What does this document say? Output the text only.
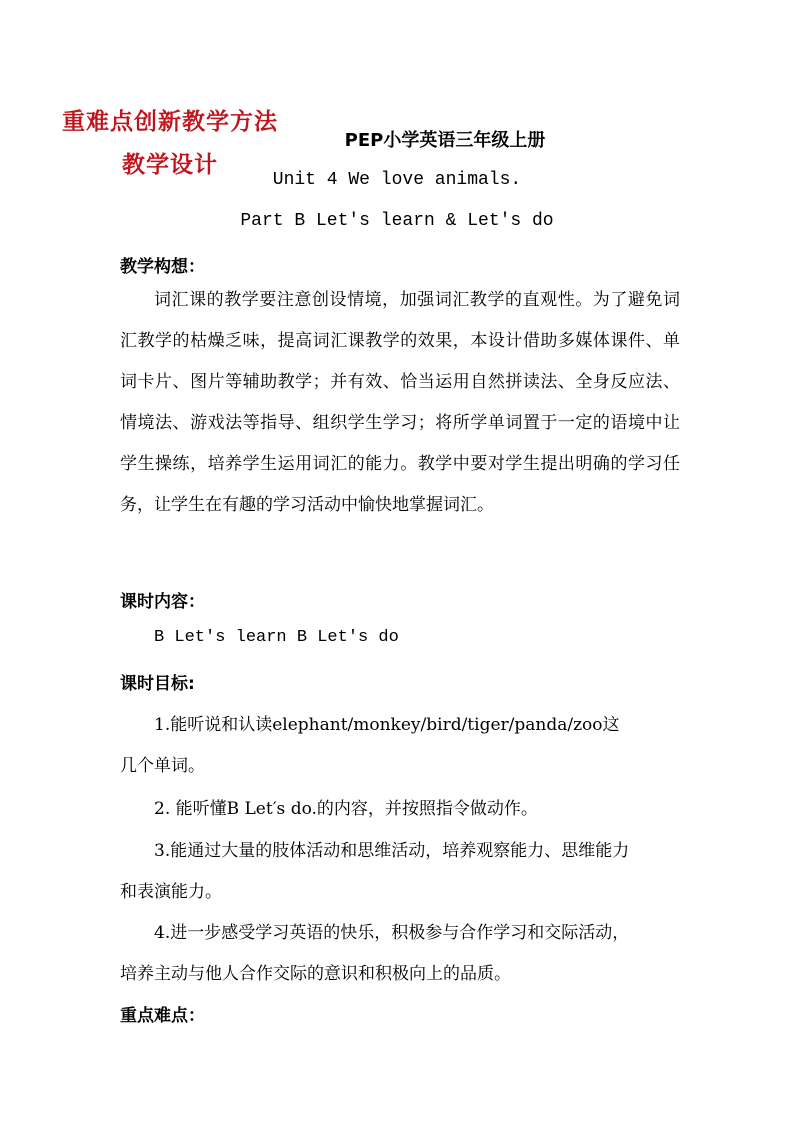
重难点创新教学方法
教学设计
PEP小学英语三年级上册
Unit 4 We love animals.
Part B Let′s learn & Let′s do
教学构想：
词汇课的教学要注意创设情境，加强词汇教学的直观性。为了避免词汇教学的枯燥乏味，提高词汇课教学的效果，本设计借助多媒体课件、单词卡片、图片等辅助教学；并有效、恰当运用自然拼读法、全身反应法、情境法、游戏法等指导、组织学生学习；将所学单词置于一定的语境中让学生操练，培养学生运用词汇的能力。教学中要对学生提出明确的学习任务，让学生在有趣的学习活动中愉快地掌握词汇。
课时内容：
B Let′s learn B Let′s do
课时目标:
1.能听说和认读elephant/monkey/bird/tiger/panda/zoo这
几个单词。
2. 能听懂B Let′s do.的内容，并按照指令做动作。
3.能通过大量的肢体活动和思维活动，培养观察能力、思维能力
和表演能力。
4.进一步感受学习英语的快乐，积极参与合作学习和交际活动，
培养主动与他人合作交际的意识和积极向上的品质。
重点难点：
